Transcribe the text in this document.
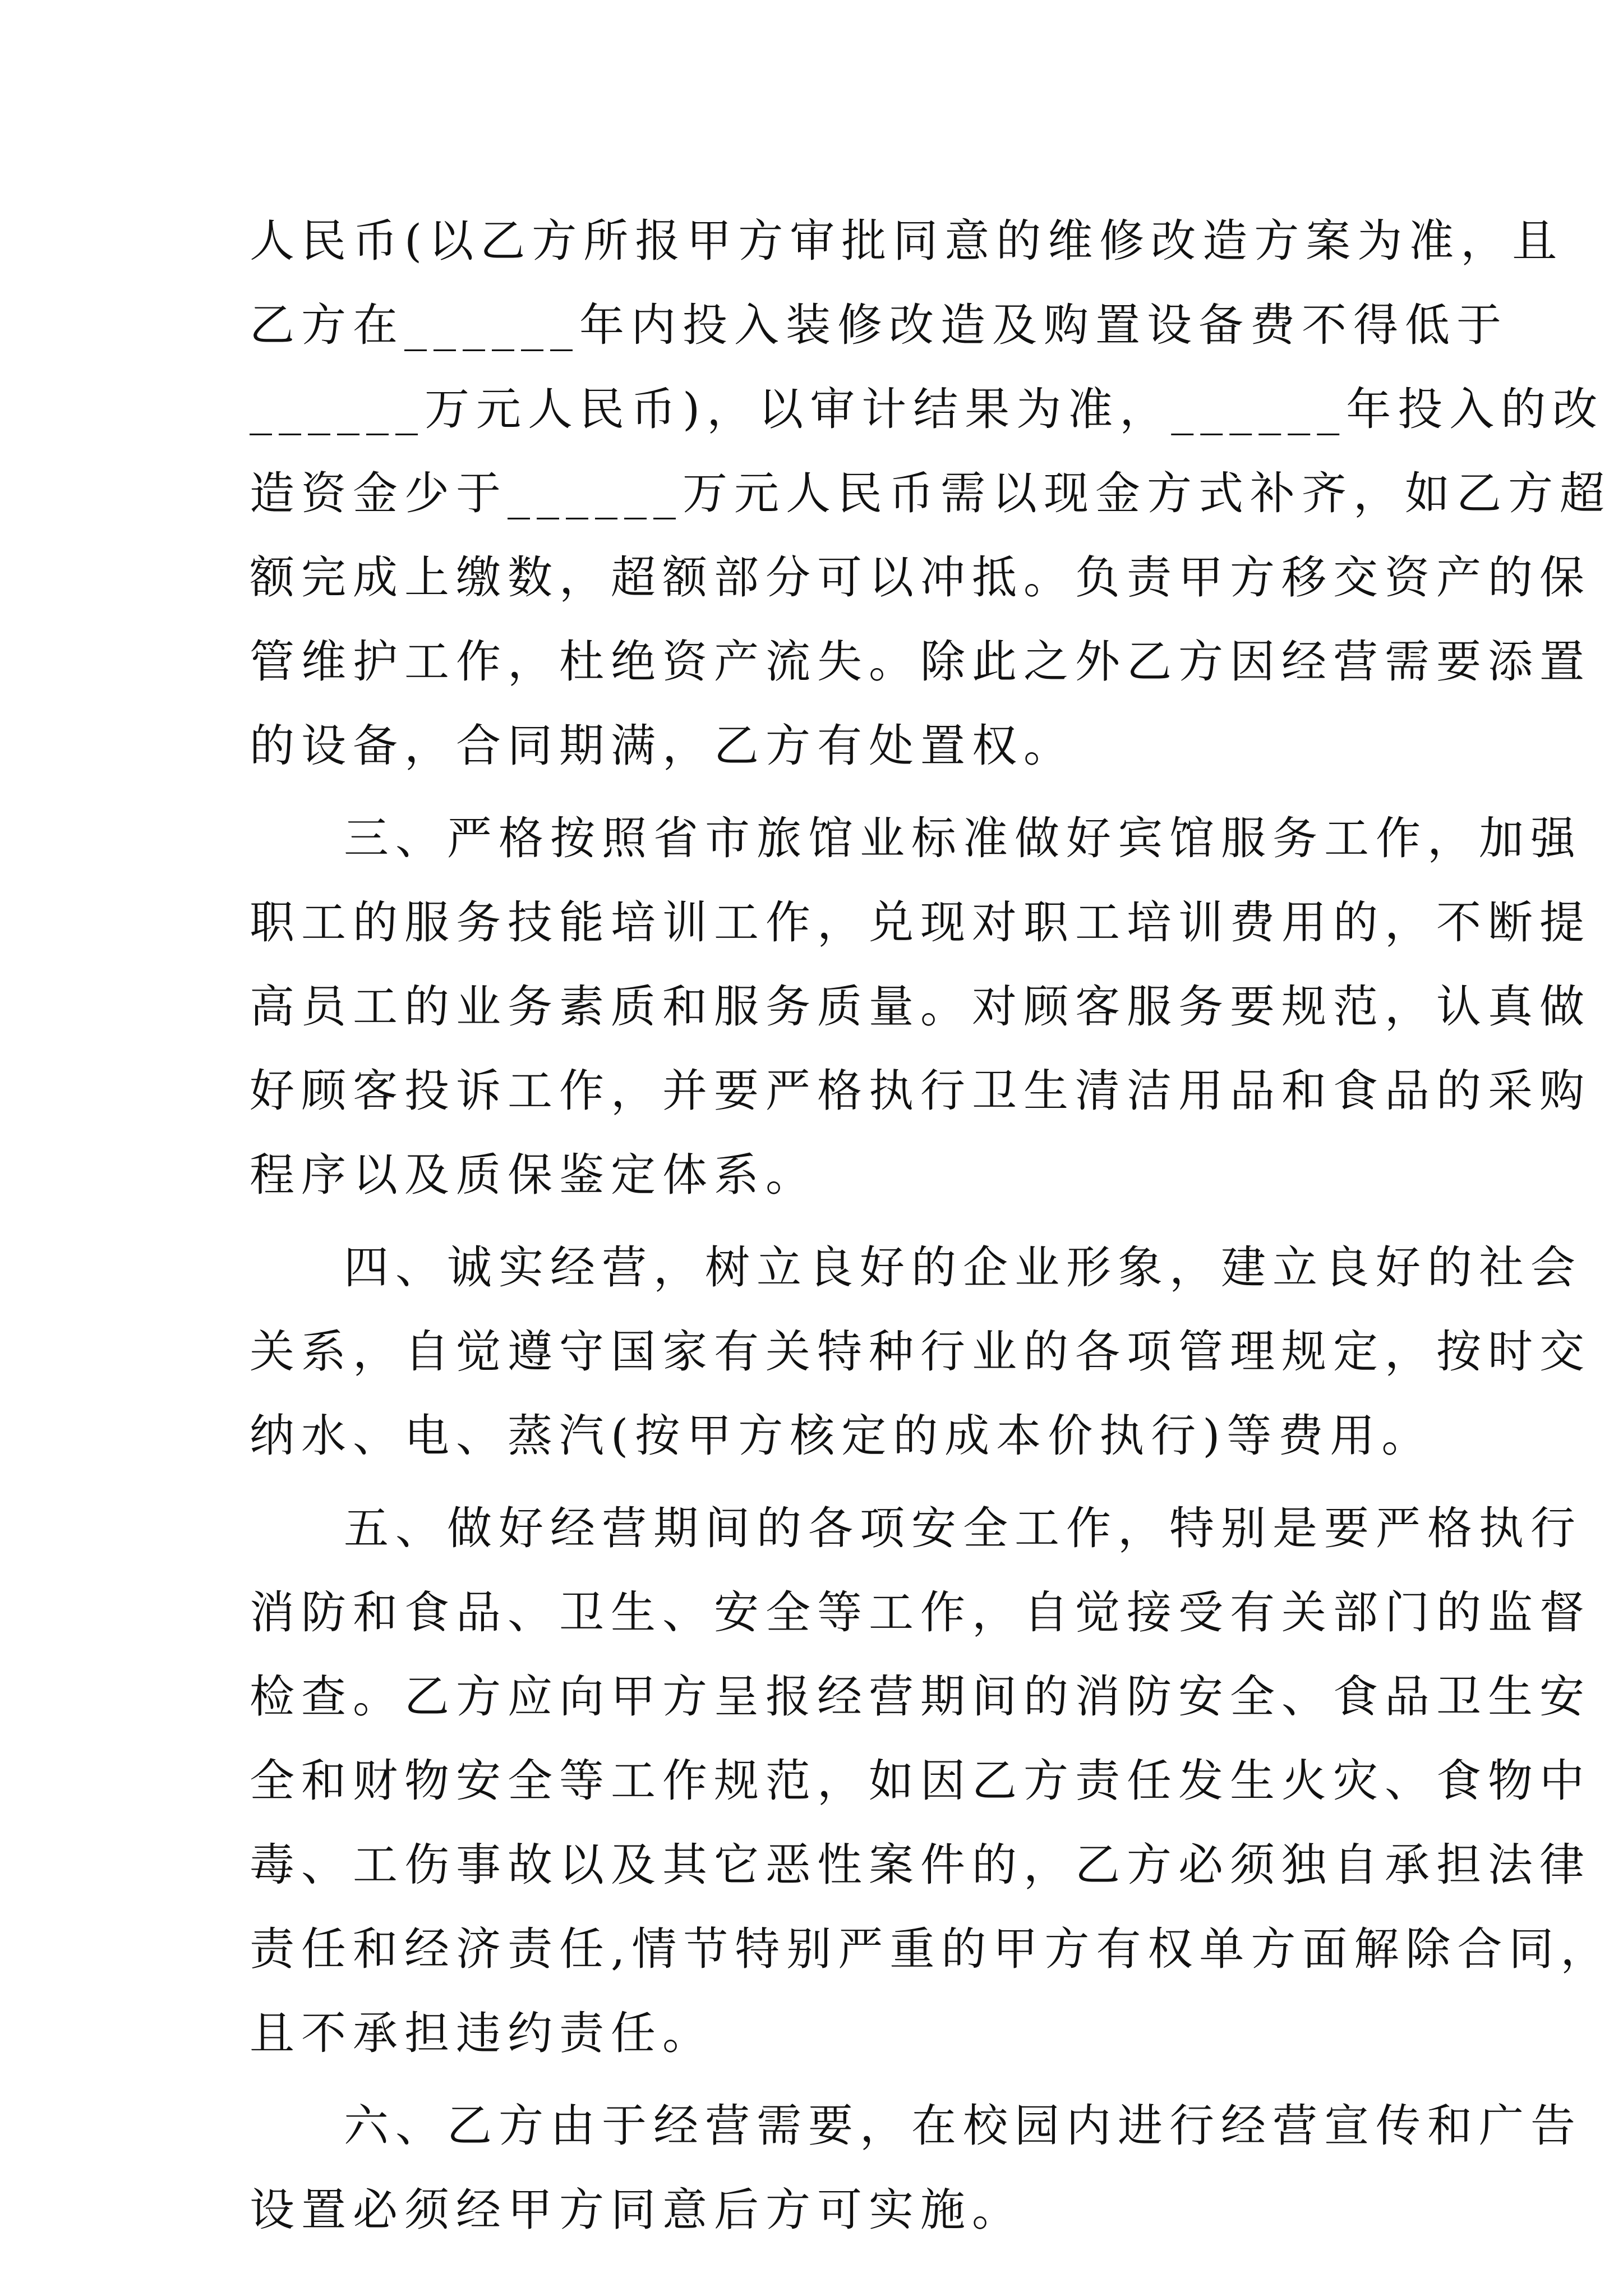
人民币(以乙方所报甲方审批同意的维修改造方案为准，且
乙方在______年内投入装修改造及购置设备费不得低于
______万元人民币)，以审计结果为准，______年投入的改
造资金少于______万元人民币需以现金方式补齐，如乙方超
额完成上缴数，超额部分可以冲抵。负责甲方移交资产的保
管维护工作，杜绝资产流失。除此之外乙方因经营需要添置
的设备，合同期满，乙方有处置权。
三、严格按照省市旅馆业标准做好宾馆服务工作，加强
职工的服务技能培训工作，兑现对职工培训费用的，不断提
高员工的业务素质和服务质量。对顾客服务要规范，认真做
好顾客投诉工作，并要严格执行卫生清洁用品和食品的采购
程序以及质保鉴定体系。
四、诚实经营，树立良好的企业形象，建立良好的社会
关系，自觉遵守国家有关特种行业的各项管理规定，按时交
纳水、电、蒸汽(按甲方核定的成本价执行)等费用。
五、做好经营期间的各项安全工作，特别是要严格执行
消防和食品、卫生、安全等工作，自觉接受有关部门的监督
检查。乙方应向甲方呈报经营期间的消防安全、食品卫生安
全和财物安全等工作规范，如因乙方责任发生火灾、食物中
毒、工伤事故以及其它恶性案件的，乙方必须独自承担法律
责任和经济责任,情节特别严重的甲方有权单方面解除合同，
且不承担违约责任。
六、乙方由于经营需要，在校园内进行经营宣传和广告
设置必须经甲方同意后方可实施。
